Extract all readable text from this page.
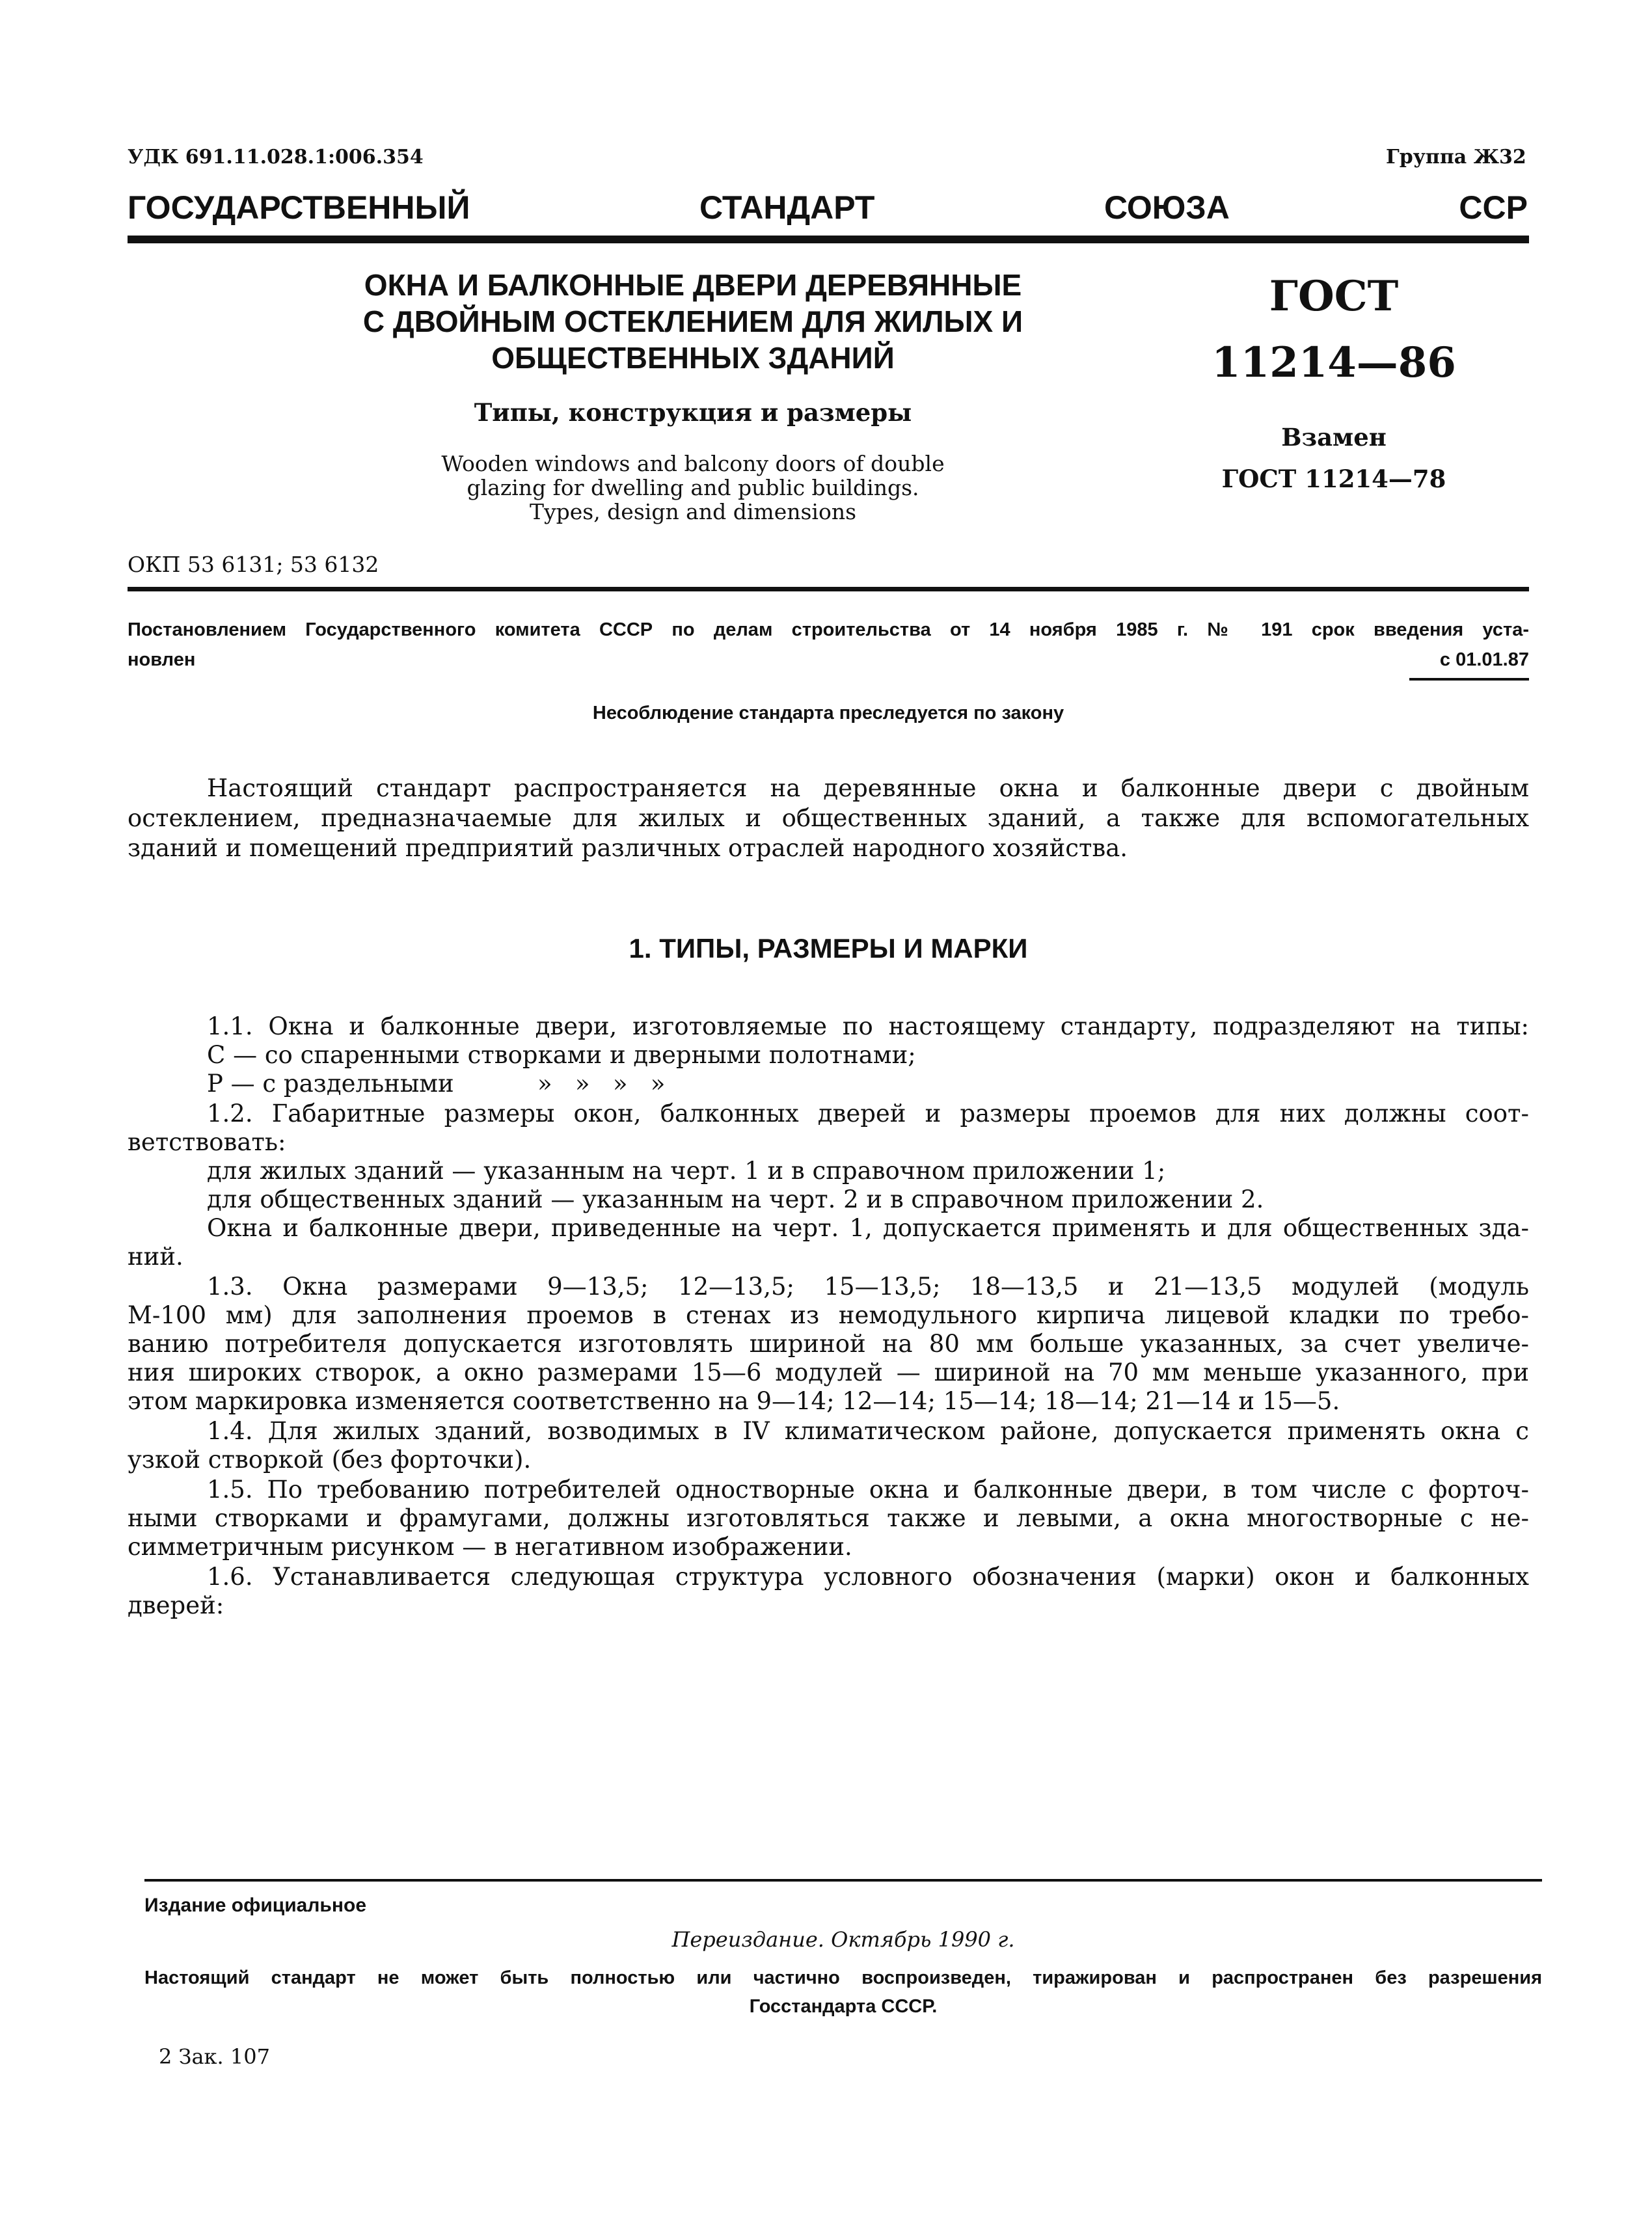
УДК 691.11.028.1:006.354	Группа Ж32
ГОСУДАРСТВЕННЫЙ СТАНДАРТ СОЮЗА ССР
ОКНА И БАЛКОННЫЕ ДВЕРИ ДЕРЕВЯННЫЕ
С ДВОЙНЫМ ОСТЕКЛЕНИЕМ ДЛЯ ЖИЛЫХ И
ОБЩЕСТВЕННЫХ ЗДАНИЙ
Типы, конструкция и размеры
Wooden windows and balcony doors of double
glazing for dwelling and public buildings.
Types, design and dimensions
ГОСТ
11214—86
Взамен
ГОСТ 11214—78
ОКП 53 6131; 53 6132
Постановлением Государственного комитета СССР по делам строительства от 14 ноября 1985 г. № 191 срок введения уста-
новлен	с 01.01.87
Несоблюдение стандарта преследуется по закону
Настоящий стандарт распространяется на деревянные окна и балконные двери с двойным
остеклением, предназначаемые для жилых и общественных зданий, а также для вспомогательных
зданий и помещений предприятий различных отраслей народного хозяйства.
1. ТИПЫ, РАЗМЕРЫ И МАРКИ
1.1. Окна и балконные двери, изготовляемые по настоящему стандарту, подразделяют на типы:
С — со спаренными створками и дверными полотнами;
Р — с раздельными	»   »   »   »
1.2. Габаритные размеры окон, балконных дверей и размеры проемов для них должны соот-
ветствовать:
для жилых зданий — указанным на черт. 1 и в справочном приложении 1;
для общественных зданий — указанным на черт. 2 и в справочном приложении 2.
Окна и балконные двери, приведенные на черт. 1, допускается применять и для общественных зда-
ний.
1.3. Окна размерами 9—13,5; 12—13,5; 15—13,5; 18—13,5 и 21—13,5 модулей (модуль
М-100 мм) для заполнения проемов в стенах из немодульного кирпича лицевой кладки по требо-
ванию потребителя допускается изготовлять шириной на 80 мм больше указанных, за счет увеличе-
ния широких створок, а окно размерами 15—6 модулей — шириной на 70 мм меньше указанного, при
этом маркировка изменяется соответственно на 9—14; 12—14; 15—14; 18—14; 21—14 и 15—5.
1.4. Для жилых зданий, возводимых в IV климатическом районе, допускается применять окна с
узкой створкой (без форточки).
1.5. По требованию потребителей одностворные окна и балконные двери, в том числе с форточ-
ными створками и фрамугами, должны изготовляться также и левыми, а окна многостворные с не-
симметричным рисунком — в негативном изображении.
1.6. Устанавливается следующая структура условного обозначения (марки) окон и балконных
дверей:
Издание официальное
Переиздание. Октябрь 1990 г.
Настоящий стандарт не может быть полностью или частично воспроизведен, тиражирован и распространен без разрешения
Госстандарта СССР.
2 Зак. 107
